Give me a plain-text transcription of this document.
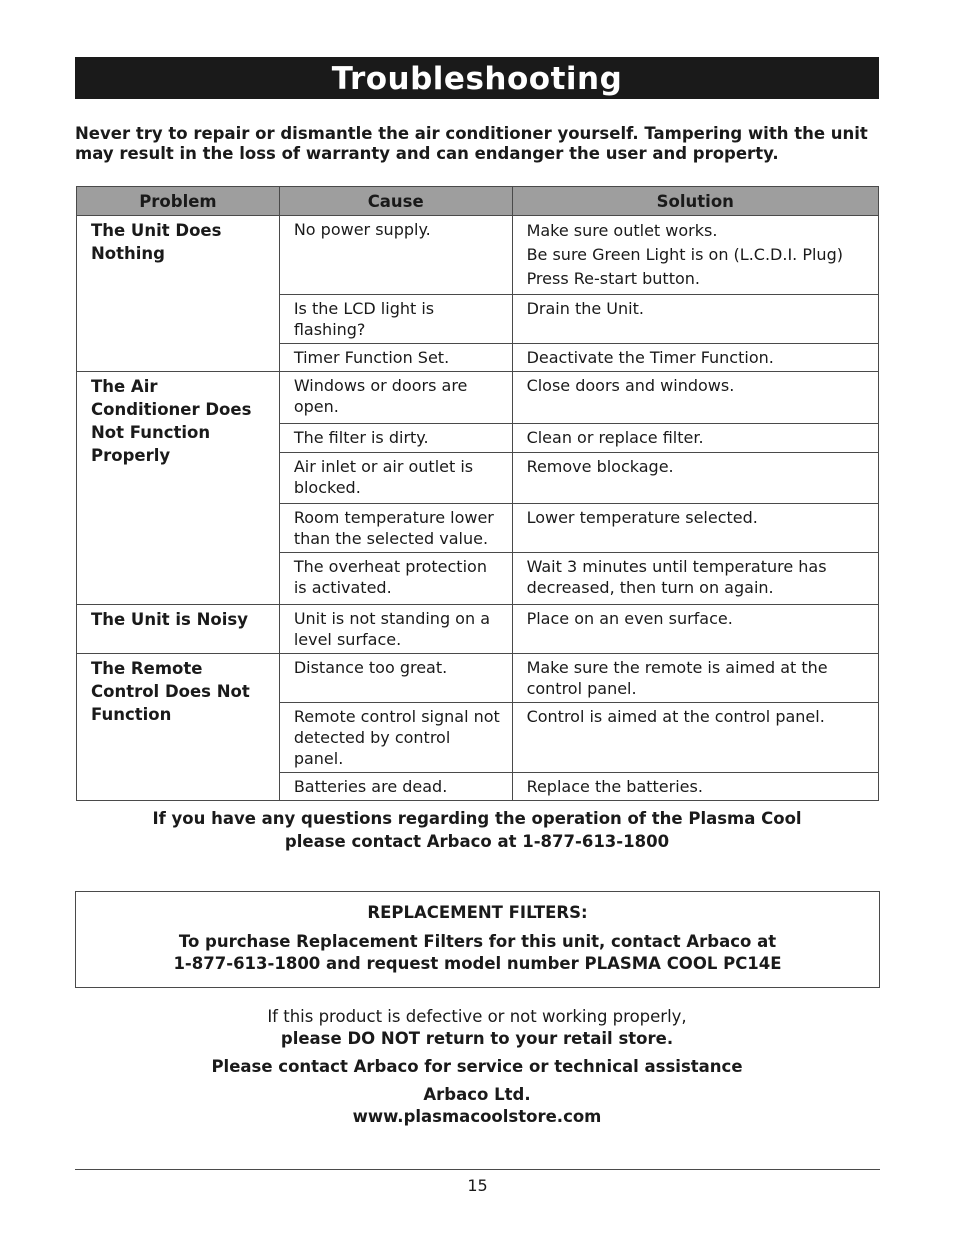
Troubleshooting
Never try to repair or dismantle the air conditioner yourself. Tampering with the unit may result in the loss of warranty and can endanger the user and property.
Problem	Cause	Solution
The Unit Does Nothing	No power supply.	Make sure outlet works.
Be sure Green Light is on (L.C.D.I. Plug)
Press Re-start button.

	Is the LCD light is flashing?	Drain the Unit.
	Timer Function Set.	Deactivate the Timer Function.
The Air Conditioner Does Not Function Properly	Windows or doors are open.	Close doors and windows.
	The filter is dirty.	Clean or replace filter.
	Air inlet or air outlet is blocked.	Remove blockage.
	Room temperature lower than the selected value.	Lower temperature selected.
	The overheat protection is activated.	Wait 3 minutes until temperature has decreased, then turn on again.
The Unit is Noisy	Unit is not standing on a level surface.	Place on an even surface.
The Remote Control Does Not Function	Distance too great.	Make sure the remote is aimed at the control panel.
	Remote control signal not detected by control panel.	Control is aimed at the control panel.
	Batteries are dead.	Replace the batteries.
If you have any questions regarding the operation of the Plasma Cool
please contact Arbaco at 1-877-613-1800
REPLACEMENT FILTERS:
To purchase Replacement Filters for this unit, contact Arbaco at
1-877-613-1800 and request model number PLASMA COOL PC14E
If this product is defective or not working properly,
please DO NOT return to your retail store.
Please contact Arbaco for service or technical assistance
Arbaco Ltd.
www.plasmacoolstore.com
15
